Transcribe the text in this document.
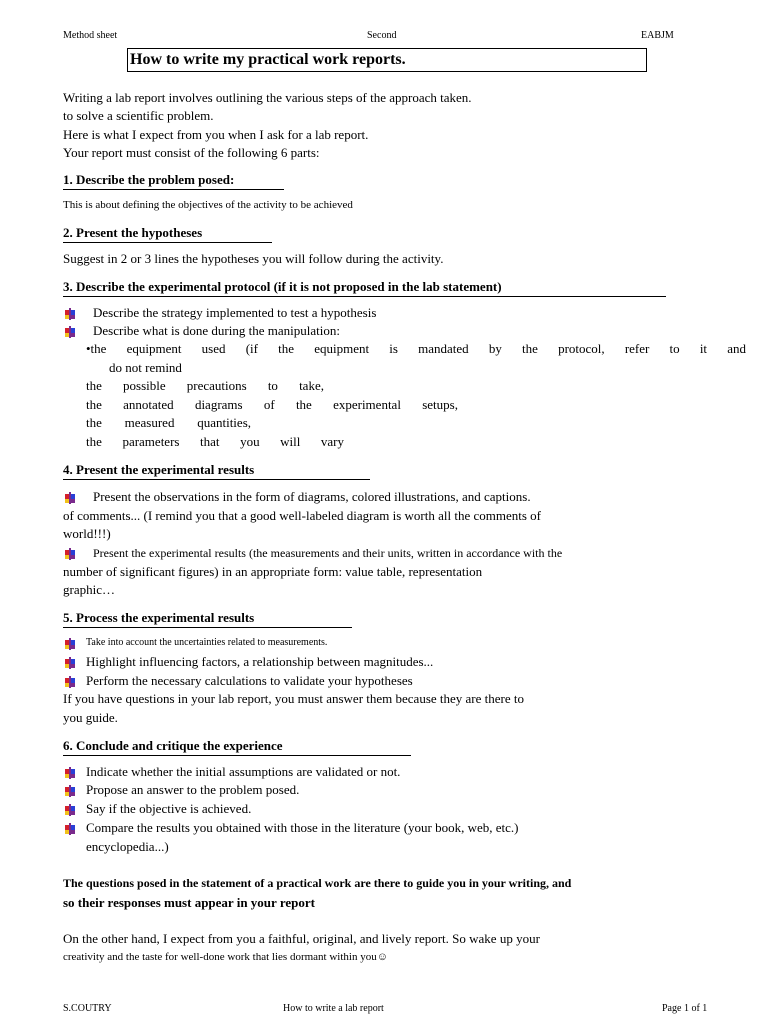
Method sheet	Second	EABJM
How to write my practical work reports.
Writing a lab report involves outlining the various steps of the approach taken.
to solve a scientific problem.
Here is what I expect from you when I ask for a lab report.
Your report must consist of the following 6 parts:
1. Describe the problem posed:
This is about defining the objectives of the activity to be achieved
2. Present the hypotheses
Suggest in 2 or 3 lines the hypotheses you will follow during the activity.
3. Describe the experimental protocol (if it is not proposed in the lab statement)
Describe the strategy implemented to test a hypothesis
Describe what is done during the manipulation:
•the equipment used (if the equipment is mandated by the protocol, refer to it and
do not remind
the possible precautions to take,
the annotated diagrams of the experimental setups,
the measured quantities,
the parameters that you will vary
4. Present the experimental results
Present the observations in the form of diagrams, colored illustrations, and captions.
of comments... (I remind you that a good well-labeled diagram is worth all the comments of
world!!!)
Present the experimental results (the measurements and their units, written in accordance with the
number of significant figures) in an appropriate form: value table, representation
graphic…
5. Process the experimental results
Take into account the uncertainties related to measurements.
Highlight influencing factors, a relationship between magnitudes...
Perform the necessary calculations to validate your hypotheses
If you have questions in your lab report, you must answer them because they are there to
you guide.
6. Conclude and critique the experience
Indicate whether the initial assumptions are validated or not.
Propose an answer to the problem posed.
Say if the objective is achieved.
Compare the results you obtained with those in the literature (your book, web, etc.)
encyclopedia...)
The questions posed in the statement of a practical work are there to guide you in your writing, and
so their responses must appear in your report
On the other hand, I expect from you a faithful, original, and lively report. So wake up your
creativity and the taste for well-done work that lies dormant within you☺
S.COUTRY	How to write a lab report	Page 1 of 1
